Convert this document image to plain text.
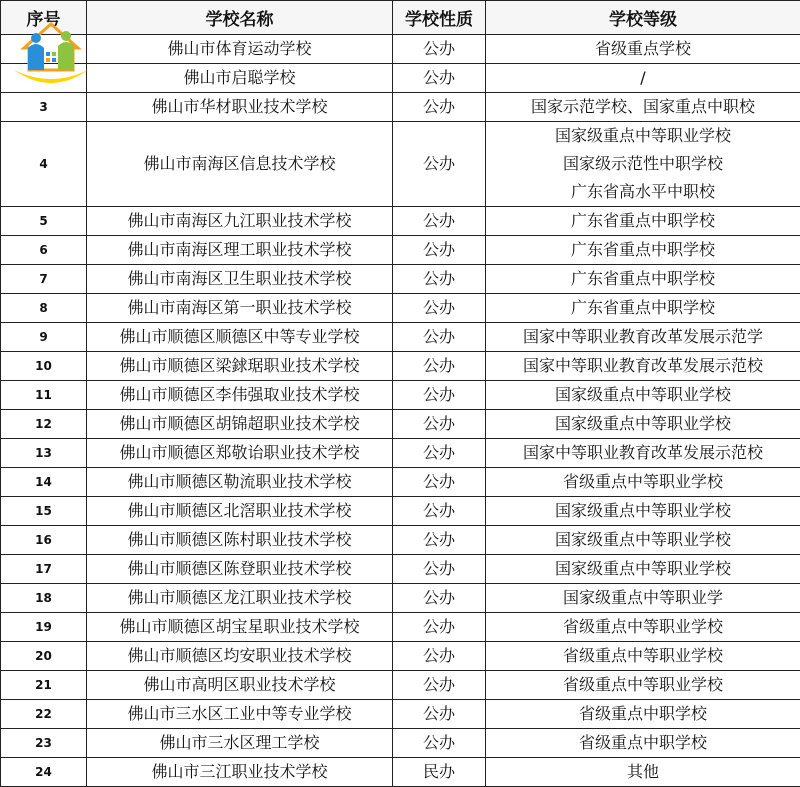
序号	学校名称	学校性质	学校等级
	佛山市体育运动学校	公办	省级重点学校

	佛山市启聪学校	公办	/

3	佛山市华材职业技术学校	公办	国家示范学校、国家重点中职校

4	佛山市南海区信息技术学校	公办	国家级重点中等职业学校
国家级示范性中职学校
广东省高水平中职校

5	佛山市南海区九江职业技术学校	公办	广东省重点中职学校

6	佛山市南海区理工职业技术学校	公办	广东省重点中职学校

7	佛山市南海区卫生职业技术学校	公办	广东省重点中职学校

8	佛山市南海区第一职业技术学校	公办	广东省重点中职学校

9	佛山市顺德区顺德区中等专业学校	公办	国家中等职业教育改革发展示范学

10	佛山市顺德区梁銶琚职业技术学校	公办	国家中等职业教育改革发展示范校

11	佛山市顺德区李伟强取业技术学校	公办	国家级重点中等职业学校

12	佛山市顺德区胡锦超职业技术学校	公办	国家级重点中等职业学校

13	佛山市顺德区郑敬诒职业技术学校	公办	国家中等职业教育改革发展示范校

14	佛山市顺德区勒流职业技术学校	公办	省级重点中等职业学校

15	佛山市顺德区北滘职业技术学校	公办	国家级重点中等职业学校

16	佛山市顺德区陈村职业技术学校	公办	国家级重点中等职业学校

17	佛山市顺德区陈登职业技术学校	公办	国家级重点中等职业学校

18	佛山市顺德区龙江职业技术学校	公办	国家级重点中等职业学

19	佛山市顺德区胡宝星职业技术学校	公办	省级重点中等职业学校

20	佛山市顺德区均安职业技术学校	公办	省级重点中等职业学校

21	佛山市高明区职业技术学校	公办	省级重点中等职业学校

22	佛山市三水区工业中等专业学校	公办	省级重点中职学校

23	佛山市三水区理工学校	公办	省级重点中职学校

24	佛山市三江职业技术学校	民办	其他
